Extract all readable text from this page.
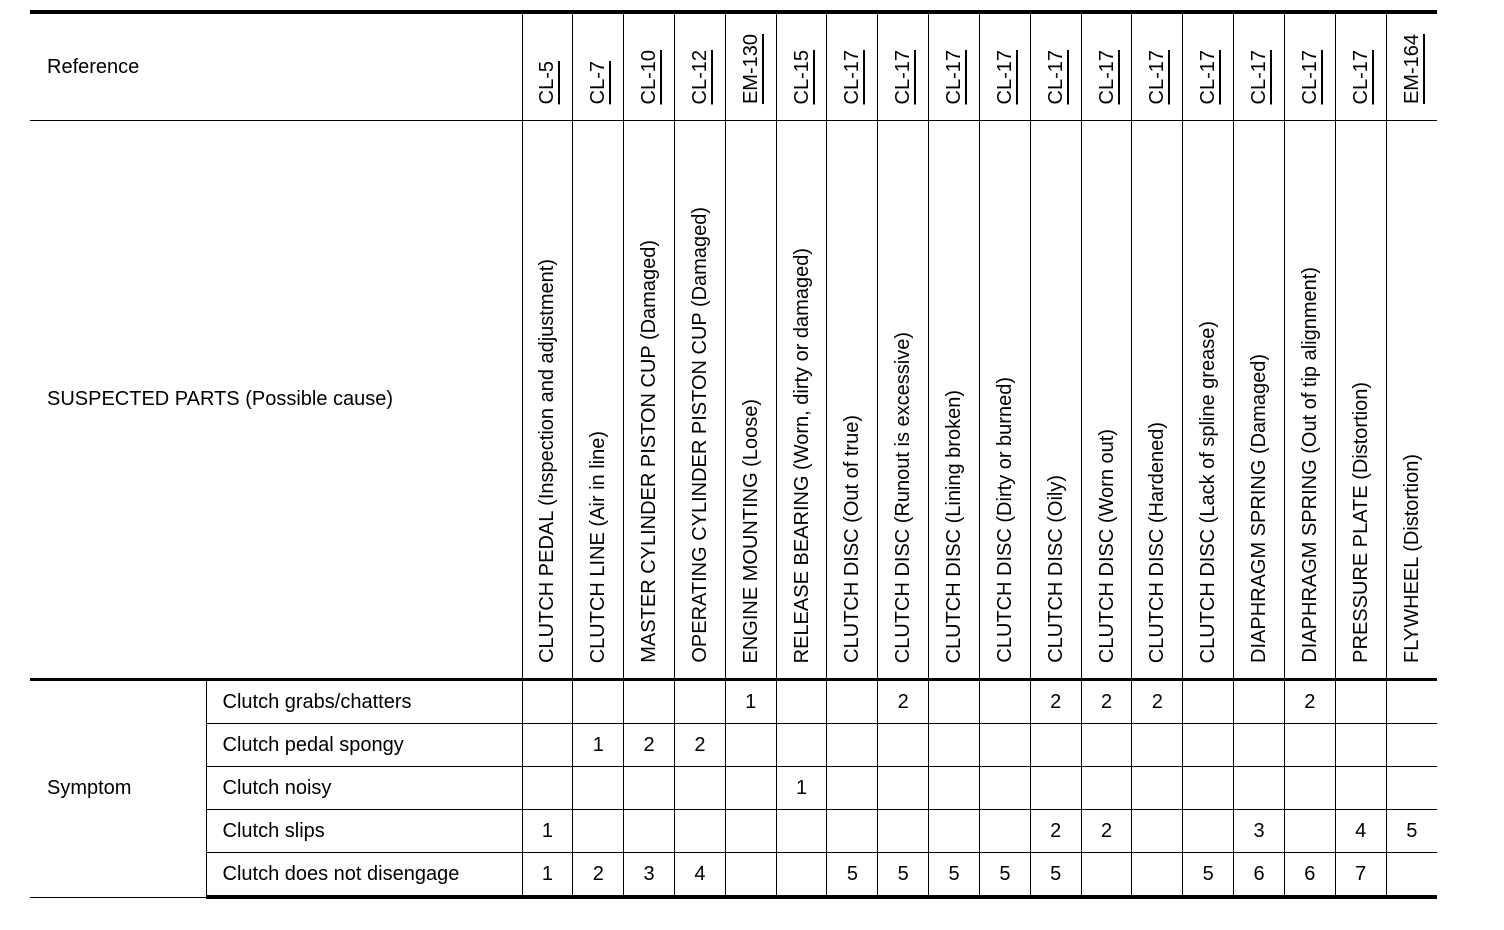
Reference		CL-5	CL-7	CL-10	CL-12	EM-130	CL-15	CL-17	CL-17	CL-17	CL-17	CL-17	CL-17	CL-17	CL-17	CL-17	CL-17	CL-17	EM-164

SUSPECTED PARTS (Possible cause)		CLUTCH PEDAL (Inspection and adjustment)	CLUTCH LINE (Air in line)	MASTER CYLINDER PISTON CUP (Damaged)	OPERATING CYLINDER PISTON CUP (Damaged)	ENGINE MOUNTING (Loose)	RELEASE BEARING (Worn, dirty or damaged)	CLUTCH DISC (Out of true)	CLUTCH DISC (Runout is excessive)	CLUTCH DISC (Lining broken)	CLUTCH DISC (Dirty or burned)	CLUTCH DISC (Oily)	CLUTCH DISC (Worn out)	CLUTCH DISC (Hardened)	CLUTCH DISC (Lack of spline grease)	DIAPHRAGM SPRING (Damaged)	DIAPHRAGM SPRING (Out of tip alignment)	PRESSURE PLATE (Distortion)	FLYWHEEL (Distortion)

Symptom	Clutch grabs/chatters					1			2			2	2	2			2		
	Clutch pedal spongy		1	2	2														
	Clutch noisy						1												
	Clutch slips	1										2	2			3		4	5
	Clutch does not disengage	1	2	3	4			5	5	5	5	5			5	6	6	7	
